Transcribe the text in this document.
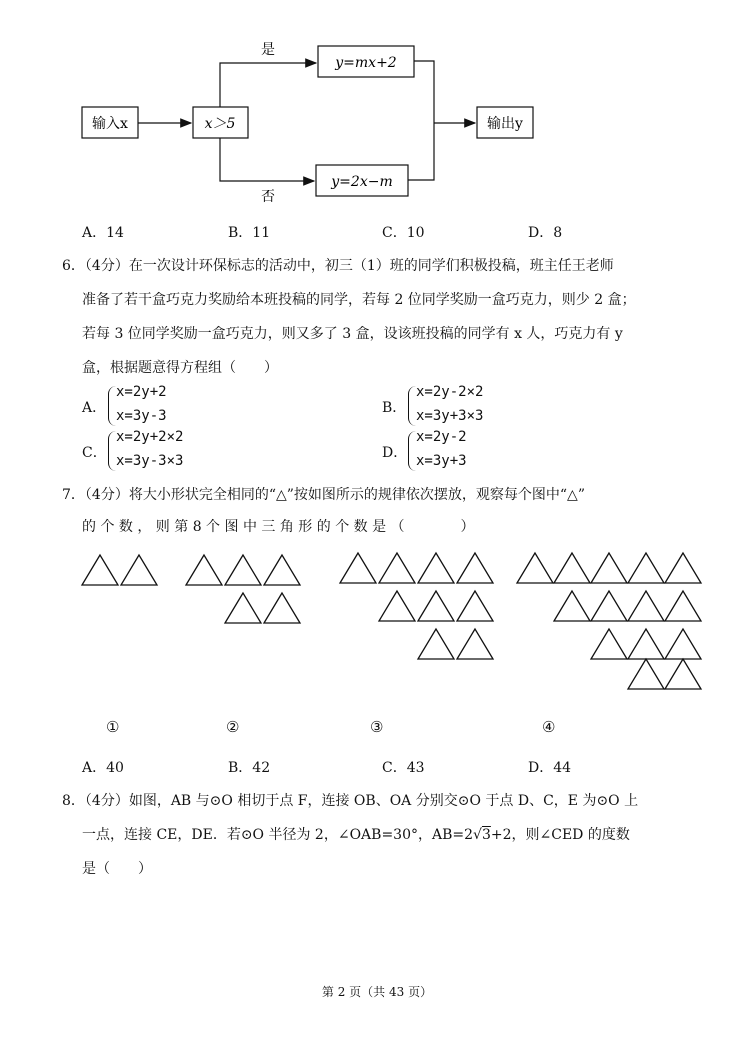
输入x	x＞5
是
y=mx+2
否
y=2x−m
输出y
A．14	B．11	C．10	D．8
6．（4分）在一次设计环保标志的活动中，初三（1）班的同学们积极投稿，班主任王老师
准备了若干盒巧克力奖励给本班投稿的同学，若每 2 位同学奖励一盒巧克力，则少 2 盒；
若每 3 位同学奖励一盒巧克力，则又多了 3 盒，设该班投稿的同学有 x 人，巧克力有 y
盒，根据题意得方程组（　　）
A．
x=2y+2
x=3y-3	B．
x=2y-2×2
x=3y+3×3
C．
x=2y+2×2
x=3y-3×3	D．
x=2y-2
x=3y+3
7．（4分）将大小形状完全相同的“△”按如图所示的规律依次摆放，观察每个图中“△”
的 个 数 ， 则 第 8 个 图 中 三 角 形 的 个 数 是 （　　　　）
①	②	③	④
A．40	B．42	C．43	D．44
8．（4分）如图，AB 与⊙O 相切于点 F，连接 OB、OA 分别交⊙O 于点 D、C，E 为⊙O 上
一点，连接 CE，DE．若⊙O 半径为 2，∠OAB=30°，AB=2√3+2，则∠CED 的度数
是（　　）
第 2 页（共 43 页）
